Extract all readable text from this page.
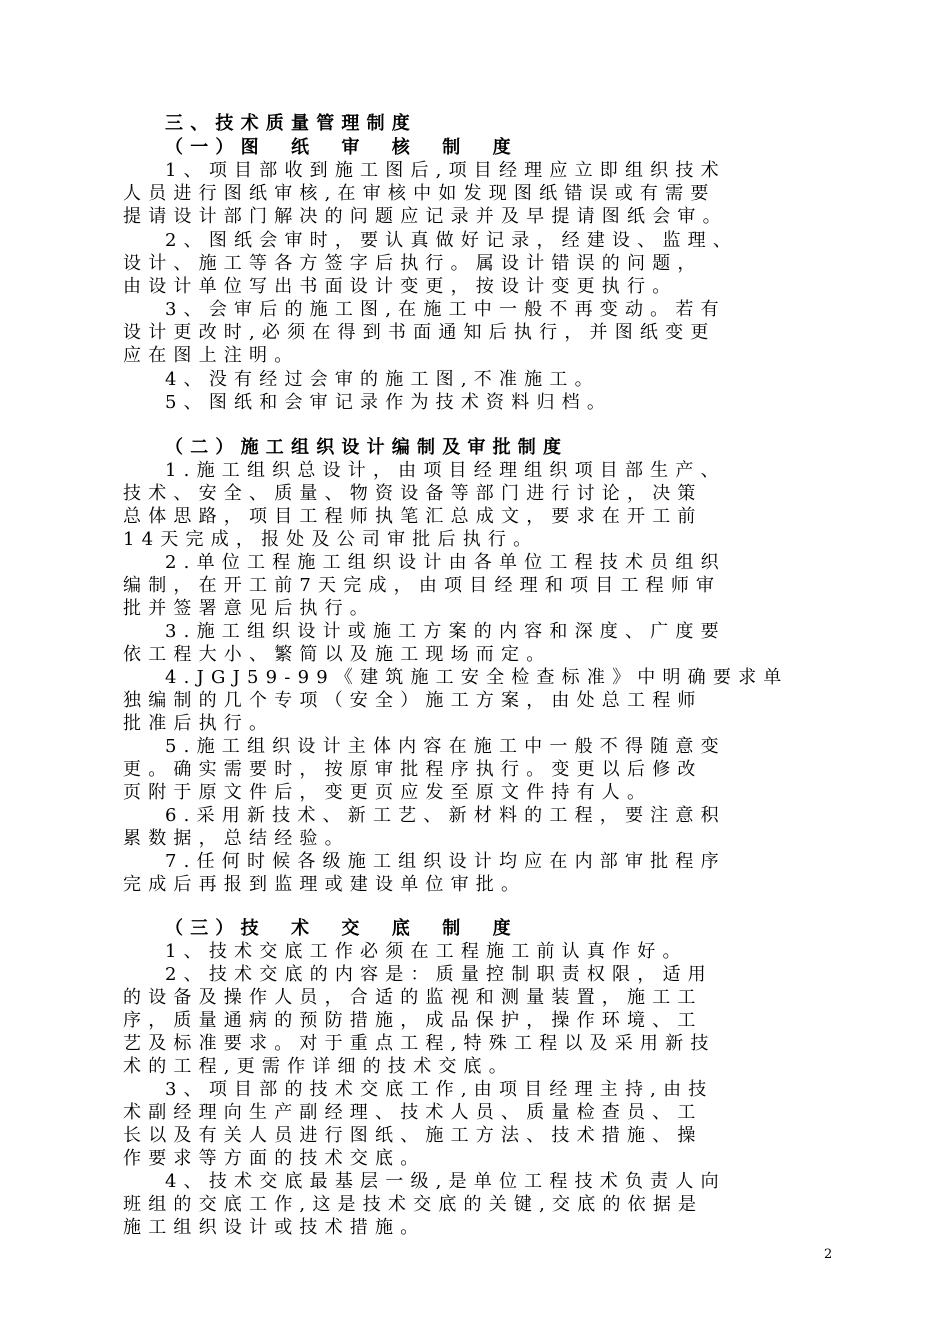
三、技术质量管理制度
（一）图　纸　审　核　制　度
1、项目部收到施工图后,项目经理应立即组织技术
人员进行图纸审核,在审核中如发现图纸错误或有需要
提请设计部门解决的问题应记录并及早提请图纸会审。
2、图纸会审时，要认真做好记录，经建设、监理、
设计、施工等各方签字后执行。属设计错误的问题，
由设计单位写出书面设计变更，按设计变更执行。
3、会审后的施工图,在施工中一般不再变动。若有
设计更改时,必须在得到书面通知后执行，并图纸变更
应在图上注明。
4、没有经过会审的施工图,不准施工。
5、图纸和会审记录作为技术资料归档。
（二）施工组织设计编制及审批制度
1.施工组织总设计，由项目经理组织项目部生产、
技术、安全、质量、物资设备等部门进行讨论，决策
总体思路，项目工程师执笔汇总成文，要求在开工前
14天完成，报处及公司审批后执行。
2.单位工程施工组织设计由各单位工程技术员组织
编制，在开工前7天完成，由项目经理和项目工程师审
批并签署意见后执行。
3.施工组织设计或施工方案的内容和深度、广度要
依工程大小、繁简以及施工现场而定。
4.JGJ59-99《建筑施工安全检查标准》中明确要求单
独编制的几个专项（安全）施工方案，由处总工程师
批准后执行。
5.施工组织设计主体内容在施工中一般不得随意变
更。确实需要时，按原审批程序执行。变更以后修改
页附于原文件后，变更页应发至原文件持有人。
6.采用新技术、新工艺、新材料的工程，要注意积
累数据，总结经验。
7.任何时候各级施工组织设计均应在内部审批程序
完成后再报到监理或建设单位审批。
（三）技　术　交　底　制　度
1、技术交底工作必须在工程施工前认真作好。
2、技术交底的内容是：质量控制职责权限，适用
的设备及操作人员，合适的监视和测量装置，施工工
序，质量通病的预防措施，成品保护，操作环境、工
艺及标准要求。对于重点工程,特殊工程以及采用新技
术的工程,更需作详细的技术交底。
3、项目部的技术交底工作,由项目经理主持,由技
术副经理向生产副经理、技术人员、质量检查员、工
长以及有关人员进行图纸、施工方法、技术措施、操
作要求等方面的技术交底。
4、技术交底最基层一级,是单位工程技术负责人向
班组的交底工作,这是技术交底的关键,交底的依据是
施工组织设计或技术措施。
2
